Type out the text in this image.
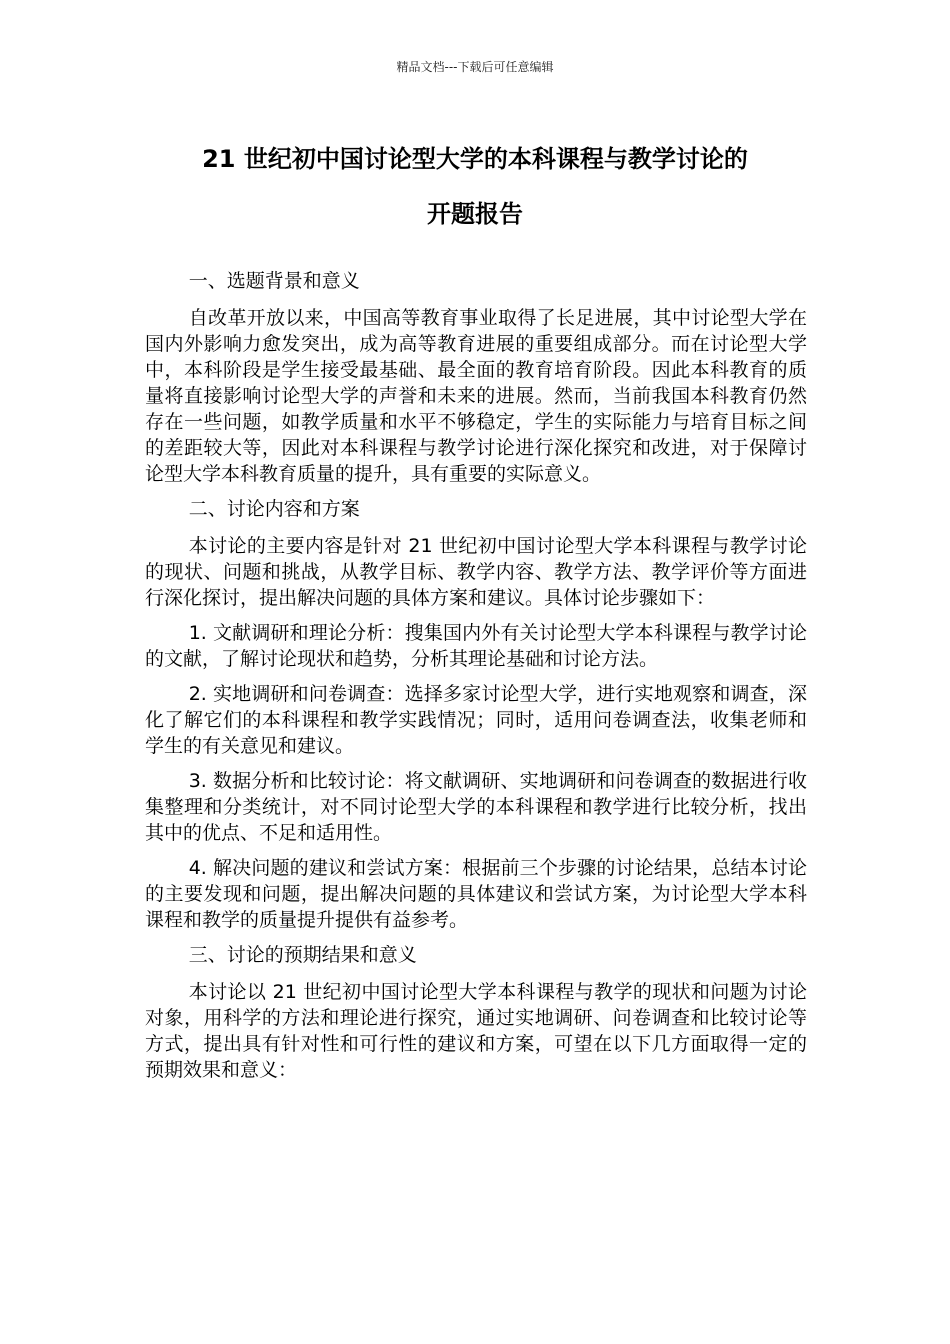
精品文档---下载后可任意编辑
21 世纪初中国讨论型大学的本科课程与教学讨论的
开题报告

一、选题背景和意义

自改革开放以来，中国高等教育事业取得了长足进展，其中讨论型大学在国内外影响力愈发突出，成为高等教育进展的重要组成部分。而在讨论型大学中，本科阶段是学生接受最基础、最全面的教育培育阶段。因此本科教育的质量将直接影响讨论型大学的声誉和未来的进展。然而，当前我国本科教育仍然存在一些问题，如教学质量和水平不够稳定，学生的实际能力与培育目标之间的差距较大等，因此对本科课程与教学讨论进行深化探究和改进，对于保障讨论型大学本科教育质量的提升，具有重要的实际意义。

二、讨论内容和方案

本讨论的主要内容是针对 21 世纪初中国讨论型大学本科课程与教学讨论的现状、问题和挑战，从教学目标、教学内容、教学方法、教学评价等方面进行深化探讨，提出解决问题的具体方案和建议。具体讨论步骤如下：

1. 文献调研和理论分析：搜集国内外有关讨论型大学本科课程与教学讨论的文献，了解讨论现状和趋势，分析其理论基础和讨论方法。

2. 实地调研和问卷调查：选择多家讨论型大学，进行实地观察和调查，深化了解它们的本科课程和教学实践情况；同时，适用问卷调查法，收集老师和学生的有关意见和建议。

3. 数据分析和比较讨论：将文献调研、实地调研和问卷调查的数据进行收集整理和分类统计，对不同讨论型大学的本科课程和教学进行比较分析，找出其中的优点、不足和适用性。

4. 解决问题的建议和尝试方案：根据前三个步骤的讨论结果，总结本讨论的主要发现和问题，提出解决问题的具体建议和尝试方案，为讨论型大学本科课程和教学的质量提升提供有益参考。

三、讨论的预期结果和意义

本讨论以 21 世纪初中国讨论型大学本科课程与教学的现状和问题为讨论对象，用科学的方法和理论进行探究，通过实地调研、问卷调查和比较讨论等方式，提出具有针对性和可行性的建议和方案，可望在以下几方面取得一定的预期效果和意义：
